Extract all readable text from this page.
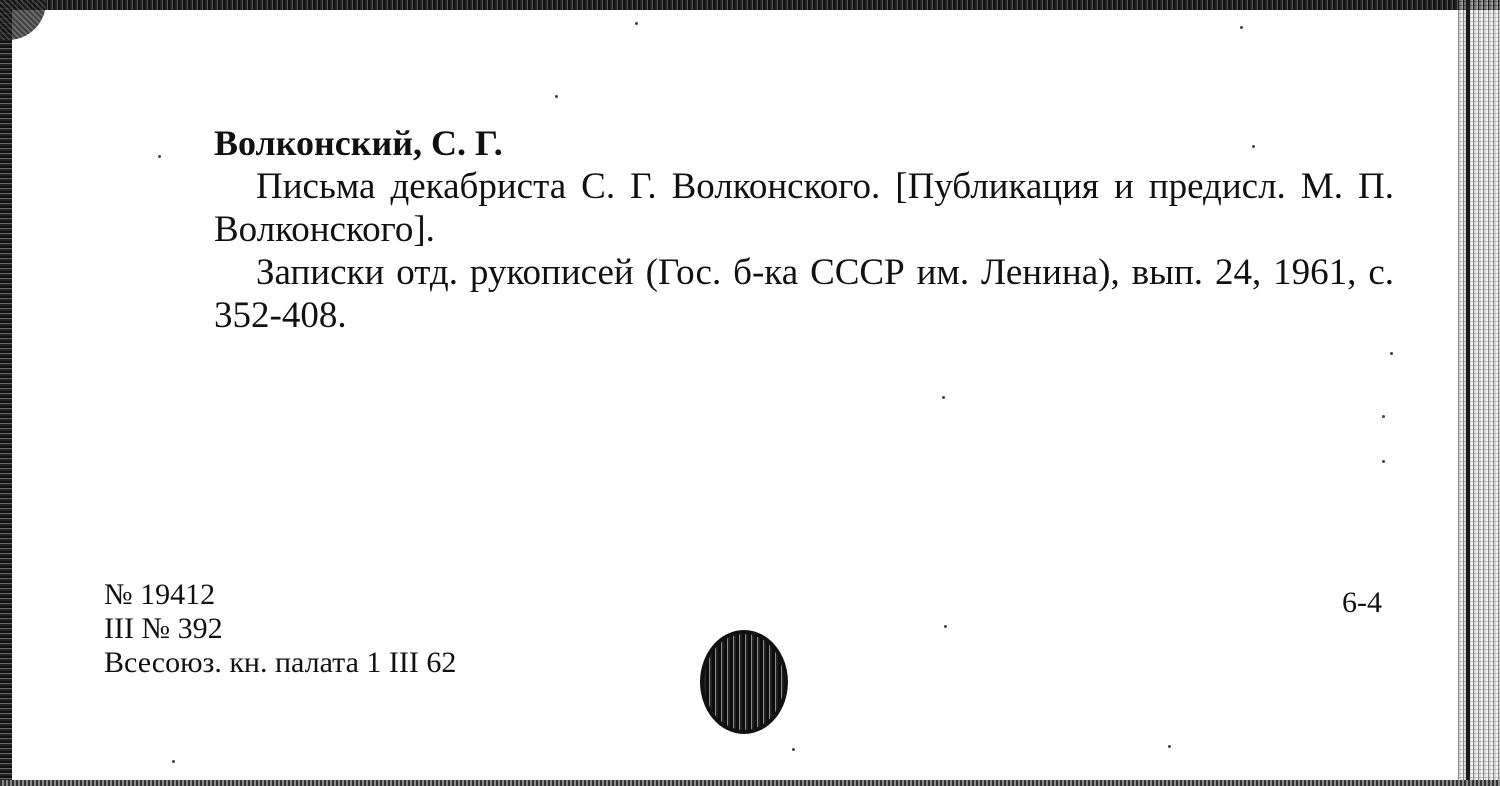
Волконский, С. Г.
Письма декабриста С. Г. Волконского. [Публикация и предисл. М. П. Волконского].
Записки отд. рукописей (Гос. б-ка СССР им. Ленина), вып. 24, 1961, с. 352-408.
№ 19412
III № 392
Всесоюз. кн. палата 1 III 62
6-4
